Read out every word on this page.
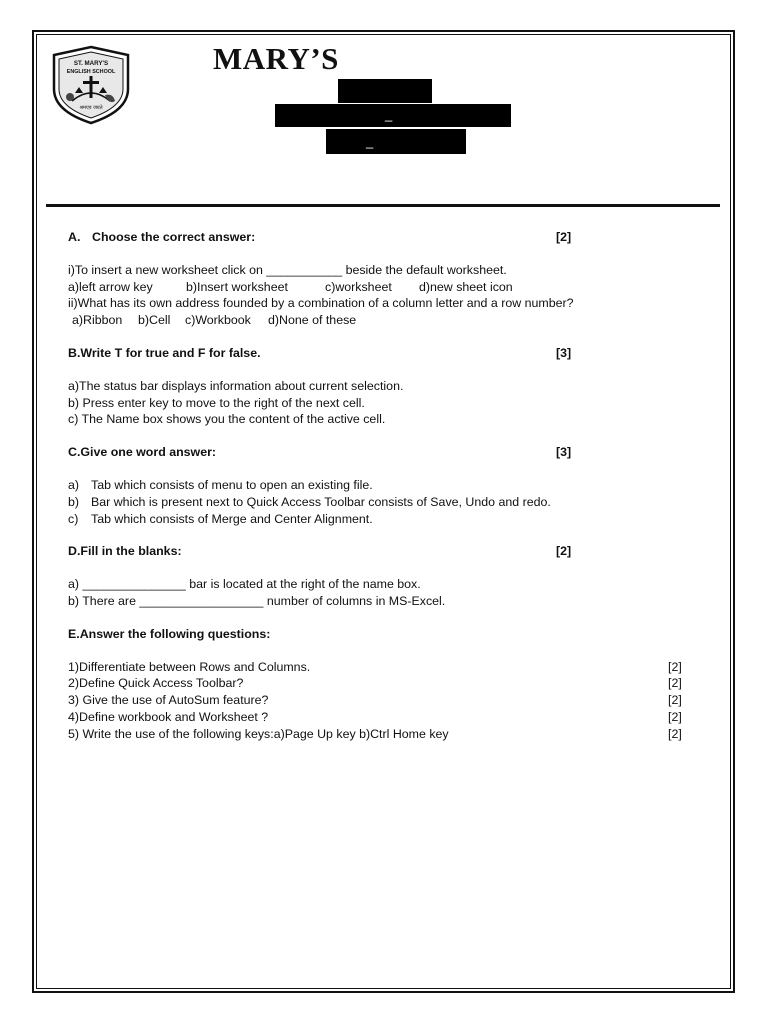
ST. MARY'S
ENGLISH SCHOOL
श्रमएव जयते
MARY’S
_
_
A. Choose the correct answer:	[2]
i)To insert a new worksheet click on ___________ beside the default worksheet.
a)left arrow key	b)Insert worksheet	c)worksheet d)new sheet icon
ii)What has its own address founded by a combination of a column letter and a row number?
a)Ribbon b)Cell c)Workbook d)None of these
B.Write T for true and F for false.	[3]
a)The status bar displays information about current selection.
b) Press enter key to move to the right of the next cell.
c) The Name box shows you the content of the active cell.
C.Give one word answer:	[3]
a) Tab which consists of menu to open an existing file.
b) Bar which is present next to Quick Access Toolbar consists of Save, Undo and redo.
c) Tab which consists of Merge and Center Alignment.
D.Fill in the blanks:	[2]
a) _______________ bar is located at the right of the name box.
b) There are __________________ number of columns in MS-Excel.
E.Answer the following questions:
1)Differentiate between Rows and Columns.	[2]
2)Define Quick Access Toolbar?	[2]
3) Give the use of AutoSum feature?	[2]
4)Define workbook and Worksheet ?	[2]
5) Write the use of the following keys:a)Page Up key b)Ctrl Home key	[2]
